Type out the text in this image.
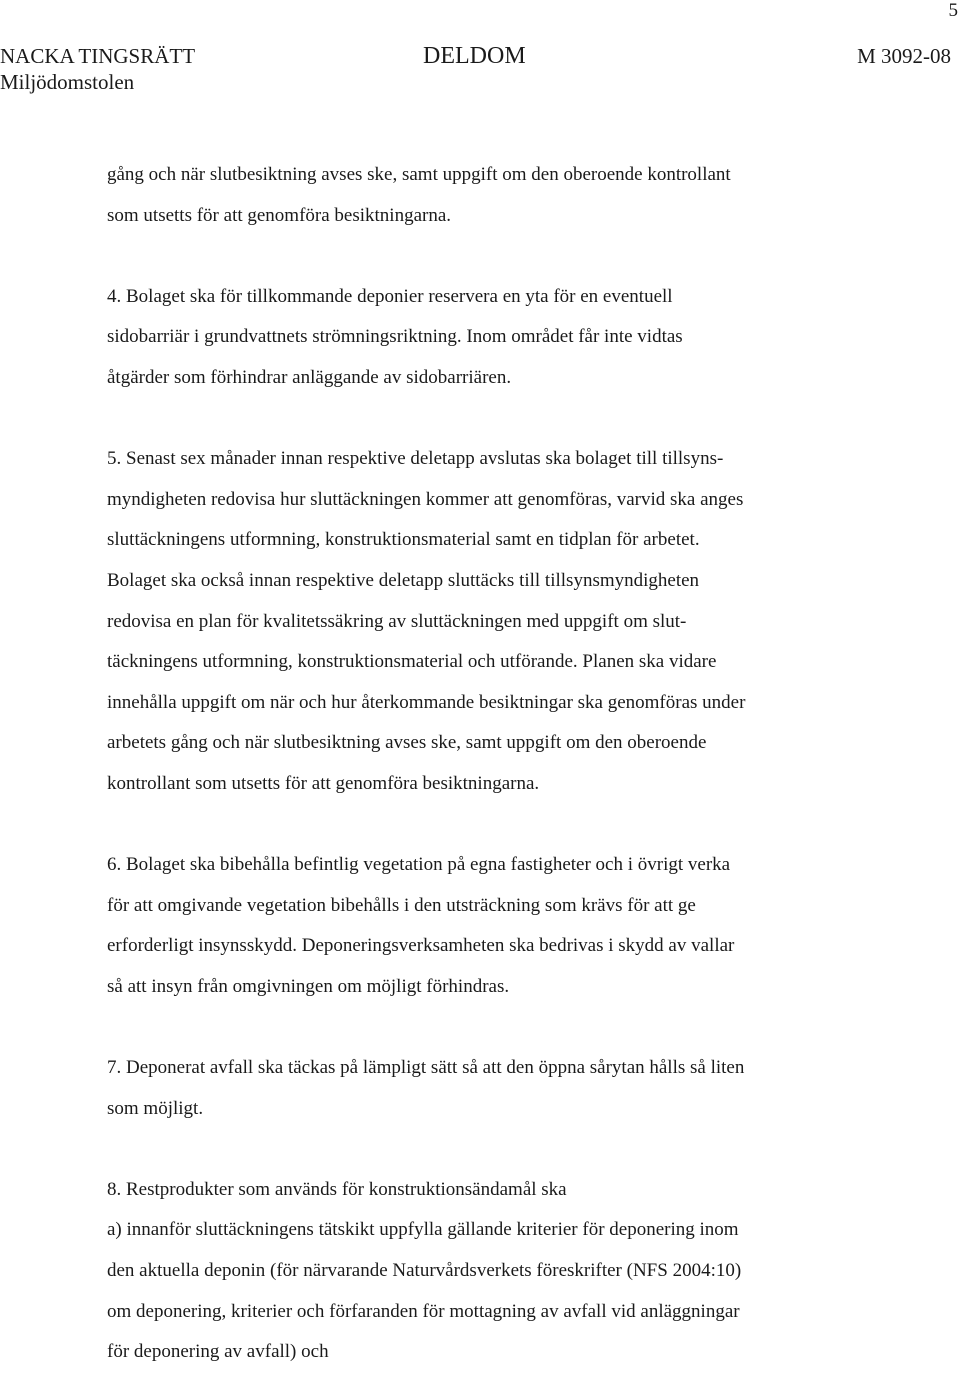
5
NACKA TINGSRÄTT
Miljödomstolen
DELDOM	M 3092-08

gång och när slutbesiktning avses ske, samt uppgift om den oberoende kontrollant
som utsetts för att genomföra besiktningarna.

4. Bolaget ska för tillkommande deponier reservera en yta för en eventuell
sidobarriär i grundvattnets strömningsriktning. Inom området får inte vidtas
åtgärder som förhindrar anläggande av sidobarriären.

5. Senast sex månader innan respektive deletapp avslutas ska bolaget till tillsyns-
myndigheten redovisa hur sluttäckningen kommer att genomföras, varvid ska anges
sluttäckningens utformning, konstruktionsmaterial samt en tidplan för arbetet.
Bolaget ska också innan respektive deletapp sluttäcks till tillsynsmyndigheten
redovisa en plan för kvalitetssäkring av sluttäckningen med uppgift om slut-
täckningens utformning, konstruktionsmaterial och utförande. Planen ska vidare
innehålla uppgift om när och hur återkommande besiktningar ska genomföras under
arbetets gång och när slutbesiktning avses ske, samt uppgift om den oberoende
kontrollant som utsetts för att genomföra besiktningarna.

6. Bolaget ska bibehålla befintlig vegetation på egna fastigheter och i övrigt verka
för att omgivande vegetation bibehålls i den utsträckning som krävs för att ge
erforderligt insynsskydd. Deponeringsverksamheten ska bedrivas i skydd av vallar
så att insyn från omgivningen om möjligt förhindras.

7. Deponerat avfall ska täckas på lämpligt sätt så att den öppna sårytan hålls så liten
som möjligt.

8. Restprodukter som används för konstruktionsändamål ska
a) innanför sluttäckningens tätskikt uppfylla gällande kriterier för deponering inom
den aktuella deponin (för närvarande Naturvårdsverkets föreskrifter (NFS 2004:10)
om deponering, kriterier och förfaranden för mottagning av avfall vid anläggningar
för deponering av avfall) och
